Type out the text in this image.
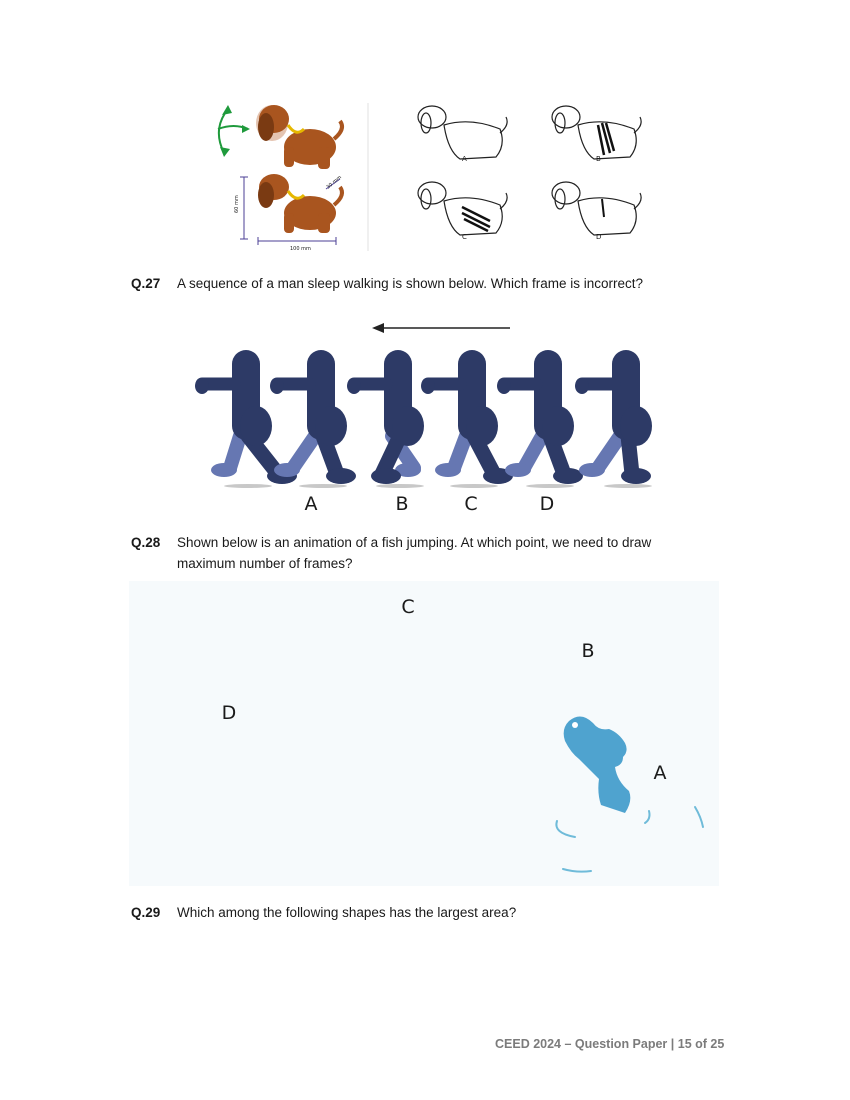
60 mm
100 mm
30 mm
A	B
C	D
Q.27 A sequence of a man sleep walking is shown below. Which frame is incorrect?
A	B	C	D
Q.28 Shown below is an animation of a fish jumping. At which point, we need to draw
maximum number of frames?
C
B
D
A
Q.29 Which among the following shapes has the largest area?
CEED 2024 – Question Paper | 15 of 25
